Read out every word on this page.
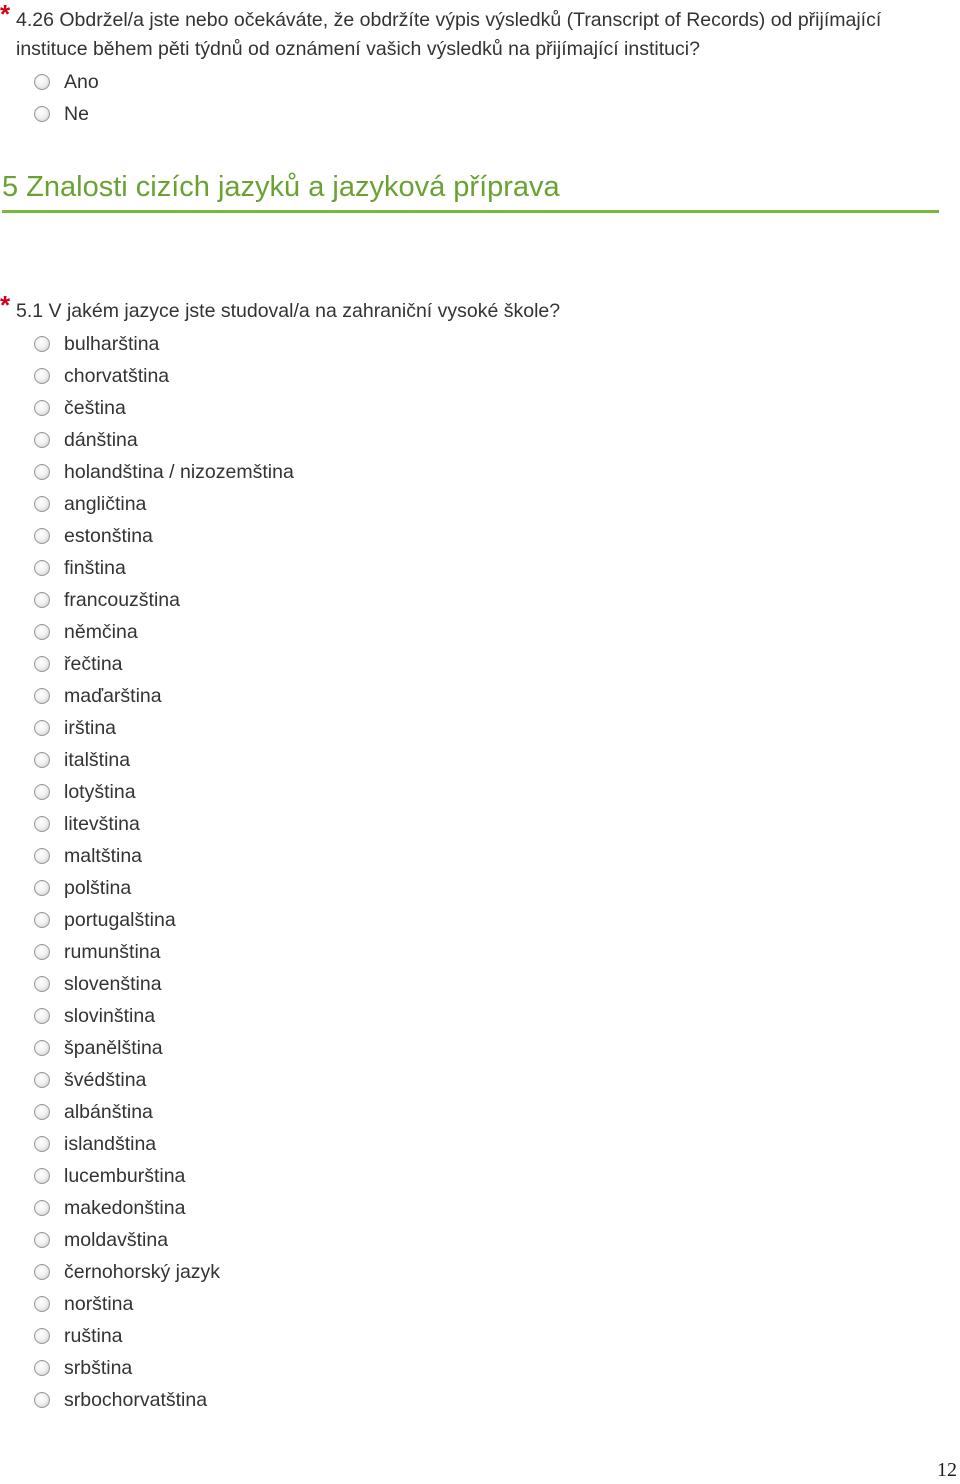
* 4.26 Obdržel/a jste nebo očekáváte, že obdržíte výpis výsledků (Transcript of Records) od přijímající
instituce během pěti týdnů od oznámení vašich výsledků na přijímající instituci?
Ano
Ne
5 Znalosti cizích jazyků a jazyková příprava
* 5.1 V jakém jazyce jste studoval/a na zahraniční vysoké škole?
bulharština
chorvatština
čeština
dánština
holandština / nizozemština
angličtina
estonština
finština
francouzština
němčina
řečtina
maďarština
irština
italština
lotyština
litevština
maltština
polština
portugalština
rumunština
slovenština
slovinština
španělština
švédština
albánština
islandština
lucemburština
makedonština
moldavština
černohorský jazyk
norština
ruština
srbština
srbochorvatština
12
